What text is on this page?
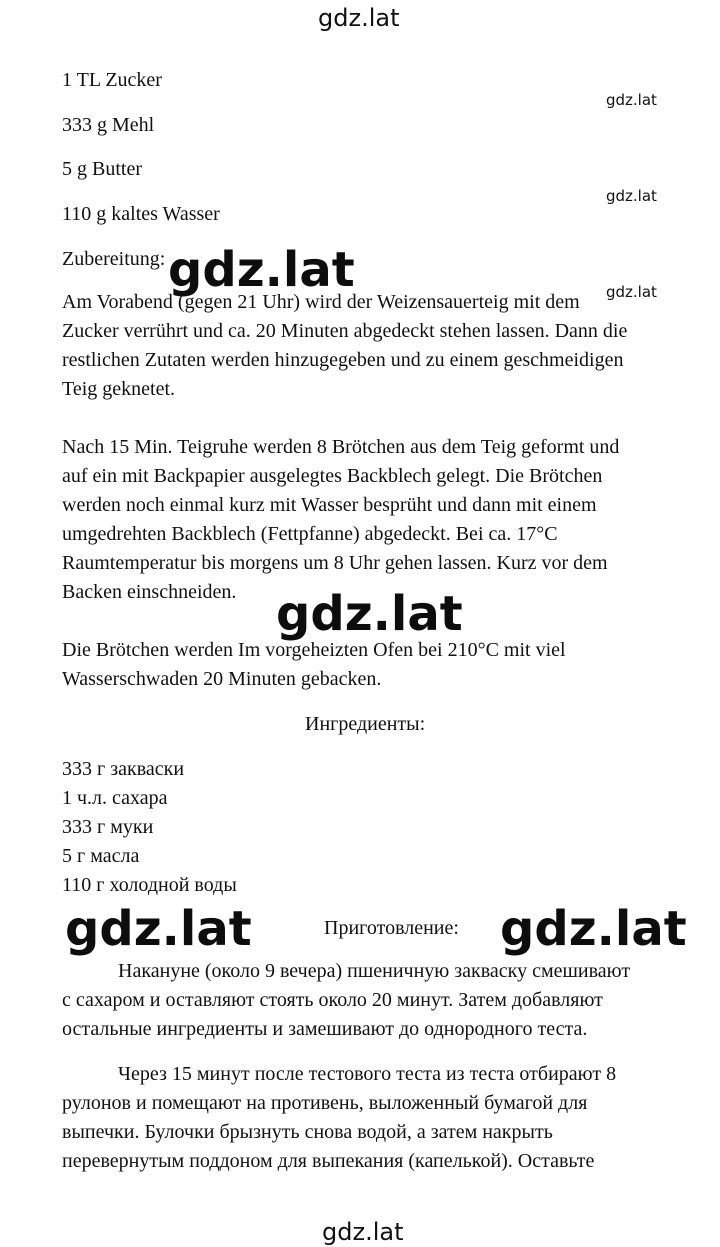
gdz.lat
gdz.lat
gdz.lat
gdz.lat
gdz.lat
1 TL Zucker
333 g Mehl
5 g Butter
110 g kaltes Wasser
Zubereitung:
Am Vorabend (gegen 21 Uhr) wird der Weizensauerteig mit dem
Zucker verrührt und ca. 20 Minuten abgedeckt stehen lassen. Dann die
restlichen Zutaten werden hinzugegeben und zu einem geschmeidigen
Teig geknetet.
Nach 15 Min. Teigruhe werden 8 Brötchen aus dem Teig geformt und
auf ein mit Backpapier ausgelegtes Backblech gelegt. Die Brötchen
werden noch einmal kurz mit Wasser besprüht und dann mit einem
umgedrehten Backblech (Fettpfanne) abgedeckt. Bei ca. 17°C
Raumtemperatur bis morgens um 8 Uhr gehen lassen. Kurz vor dem
Backen einschneiden.
Die Brötchen werden Im vorgeheizten Ofen bei 210°C mit viel
Wasserschwaden 20 Minuten gebacken.
Ингредиенты:
333 г закваски
1 ч.л. сахара
333 г муки
5 г масла
110 г холодной воды
Приготовление:
Накануне (около 9 вечера) пшеничную закваску смешивают
с сахаром и оставляют стоять около 20 минут. Затем добавляют
остальные ингредиенты и замешивают до однородного теста.
Через 15 минут после тестового теста из теста отбирают 8
рулонов и помещают на противень, выложенный бумагой для
выпечки. Булочки брызнуть снова водой, а затем накрыть
перевернутым поддоном для выпекания (капелькой). Оставьте
gdz.lat
gdz.lat
gdz.lat	gdz.lat
